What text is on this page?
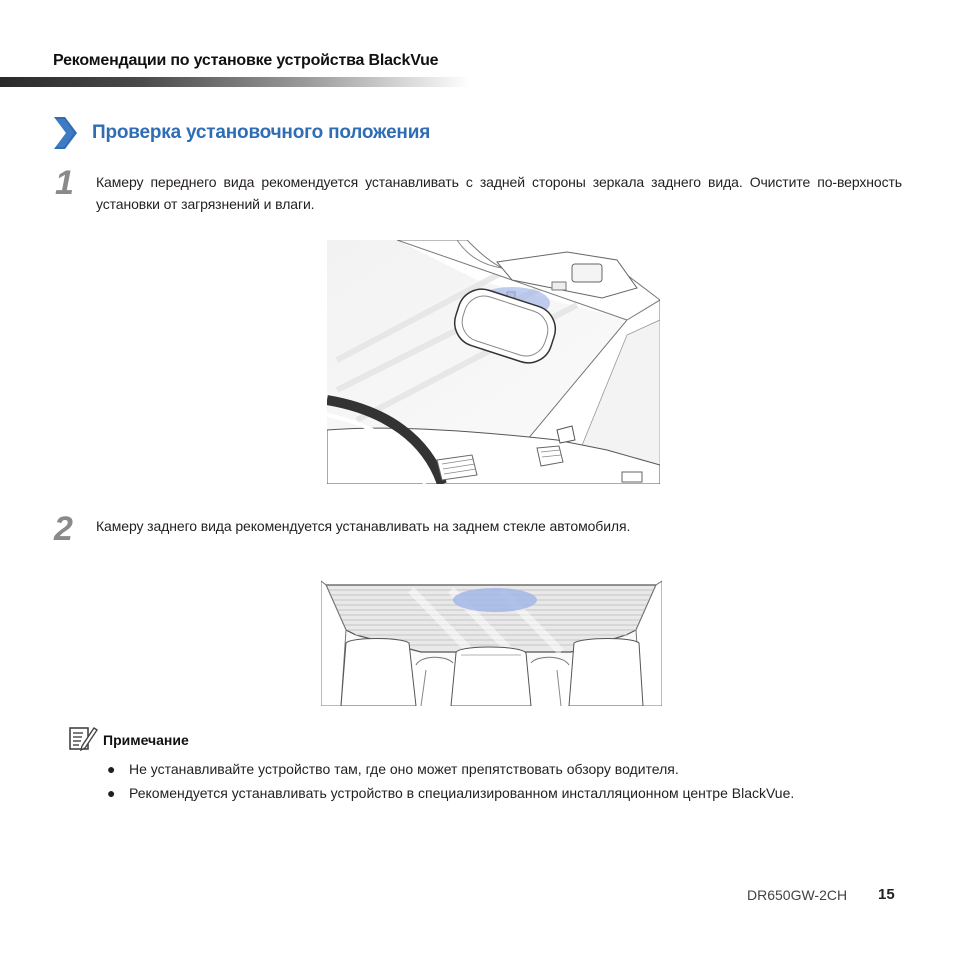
Рекомендации по установке устройства BlackVue
Проверка установочного положения
1 Камеру переднего вида рекомендуется устанавливать с задней стороны зеркала заднего вида. Очистите по-верхность установки от загрязнений и влаги.
2 Камеру заднего вида рекомендуется устанавливать на заднем стекле автомобиля.
Примечание
● Не устанавливайте устройство там, где оно может препятствовать обзору водителя.
● Рекомендуется устанавливать устройство в специализированном инсталляционном центре BlackVue.
DR650GW-2CH 15
